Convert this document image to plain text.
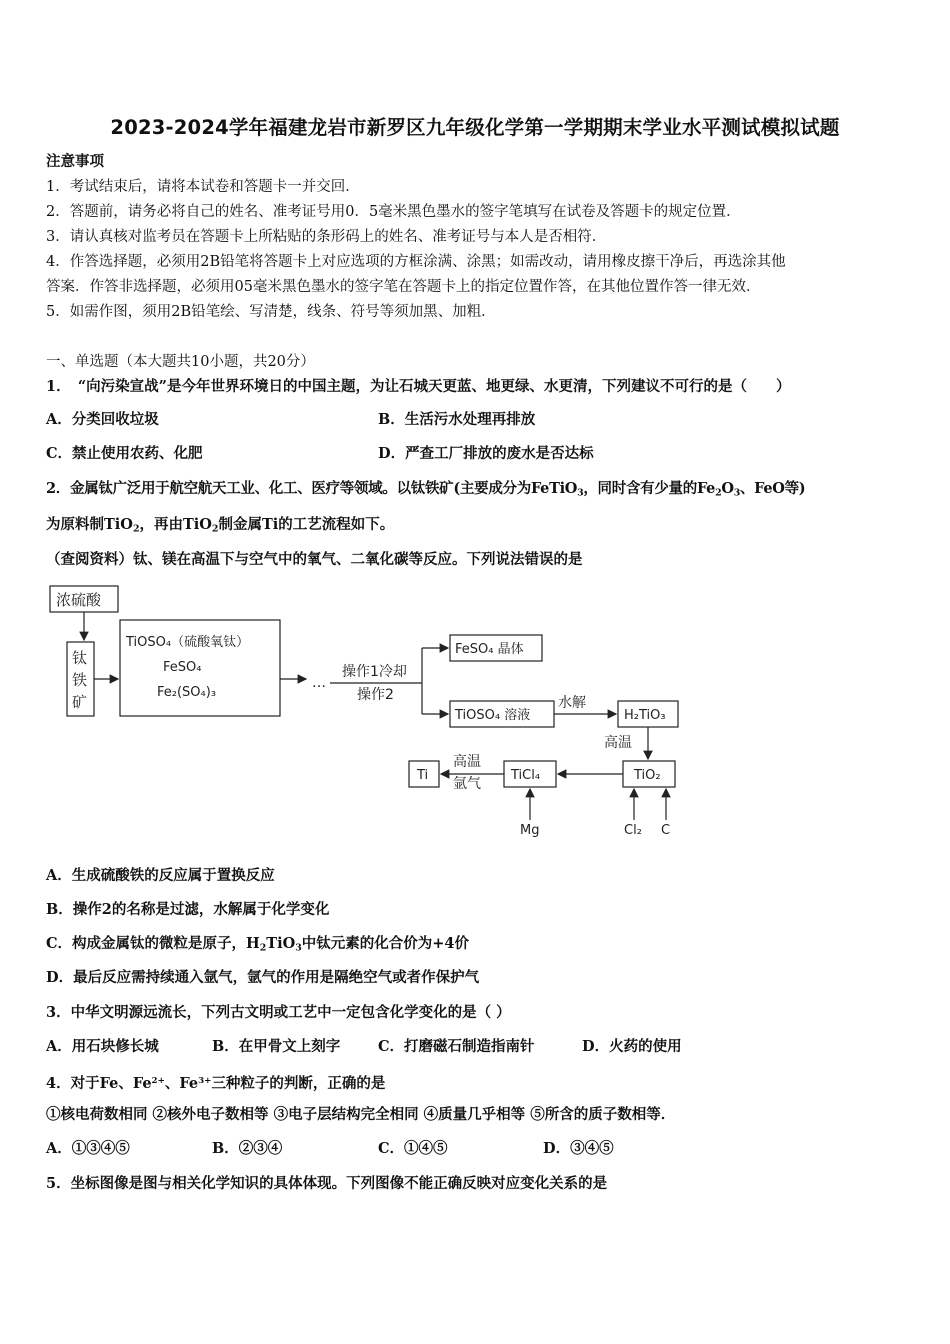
2023-2024学年福建龙岩市新罗区九年级化学第一学期期末学业水平测试模拟试题
注意事项
1．考试结束后，请将本试卷和答题卡一并交回．
2．答题前，请务必将自己的姓名、准考证号用0．5毫米黑色墨水的签字笔填写在试卷及答题卡的规定位置．
3．请认真核对监考员在答题卡上所粘贴的条形码上的姓名、准考证号与本人是否相符．
4．作答选择题，必须用2B铅笔将答题卡上对应选项的方框涂满、涂黑；如需改动，请用橡皮擦干净后，再选涂其他
答案．作答非选择题，必须用05毫米黑色墨水的签字笔在答题卡上的指定位置作答，在其他位置作答一律无效．
5．如需作图，须用2B铅笔绘、写清楚，线条、符号等须加黑、加粗．
一、单选题（本大题共10小题，共20分）
1．　“向污染宣战”是今年世界环境日的中国主题，为让石城天更蓝、地更绿、水更清，下列建议不可行的是（　　）
A．分类回收垃圾	B．生活污水处理再排放
C．禁止使用农药、化肥	D．严查工厂排放的废水是否达标
2．金属钛广泛用于航空航天工业、化工、医疗等领域。以钛铁矿(主要成分为FeTiO$_3$，同时含有少量的$Fe_2O_3$、FeO等)
为原料制TiO$_2$，再由TiO$_2$制金属Ti的工艺流程如下。
（查阅资料）钛、镁在高温下与空气中的氧气、二氧化碳等反应。下列说法错误的是
浓硫酸
钛
铁
矿
TiOSO₄（硫酸氧钛）
FeSO₄
Fe₂(SO₄)₃
…
操作1冷却
操作2
FeSO₄ 晶体
TiOSO₄ 溶液
水解
H₂TiO₃
高温
TiO₂
TiCl₄
Ti
高温
氩气
Mg	Cl₂ C
A．生成硫酸铁的反应属于置换反应
B．操作2的名称是过滤，水解属于化学变化
C．构成金属钛的微粒是原子，$H_2TiO_3$中钛元素的化合价为+4价
D．最后反应需持续通入氩气，氩气的作用是隔绝空气或者作保护气
3．中华文明源远流长，下列古文明或工艺中一定包含化学变化的是（ ）
A．用石块修长城	B．在甲骨文上刻字	C．打磨磁石制造指南针	D．火药的使用
4．对于Fe、$Fe^{2+}$、$Fe^{3+}$三种粒子的判断，正确的是
①核电荷数相同 ②核外电子数相等 ③电子层结构完全相同 ④质量几乎相等 ⑤所含的质子数相等．
A．①③④⑤	B．②③④	C．①④⑤	D．③④⑤
5．坐标图像是图与相关化学知识的具体体现。下列图像不能正确反映对应变化关系的是
